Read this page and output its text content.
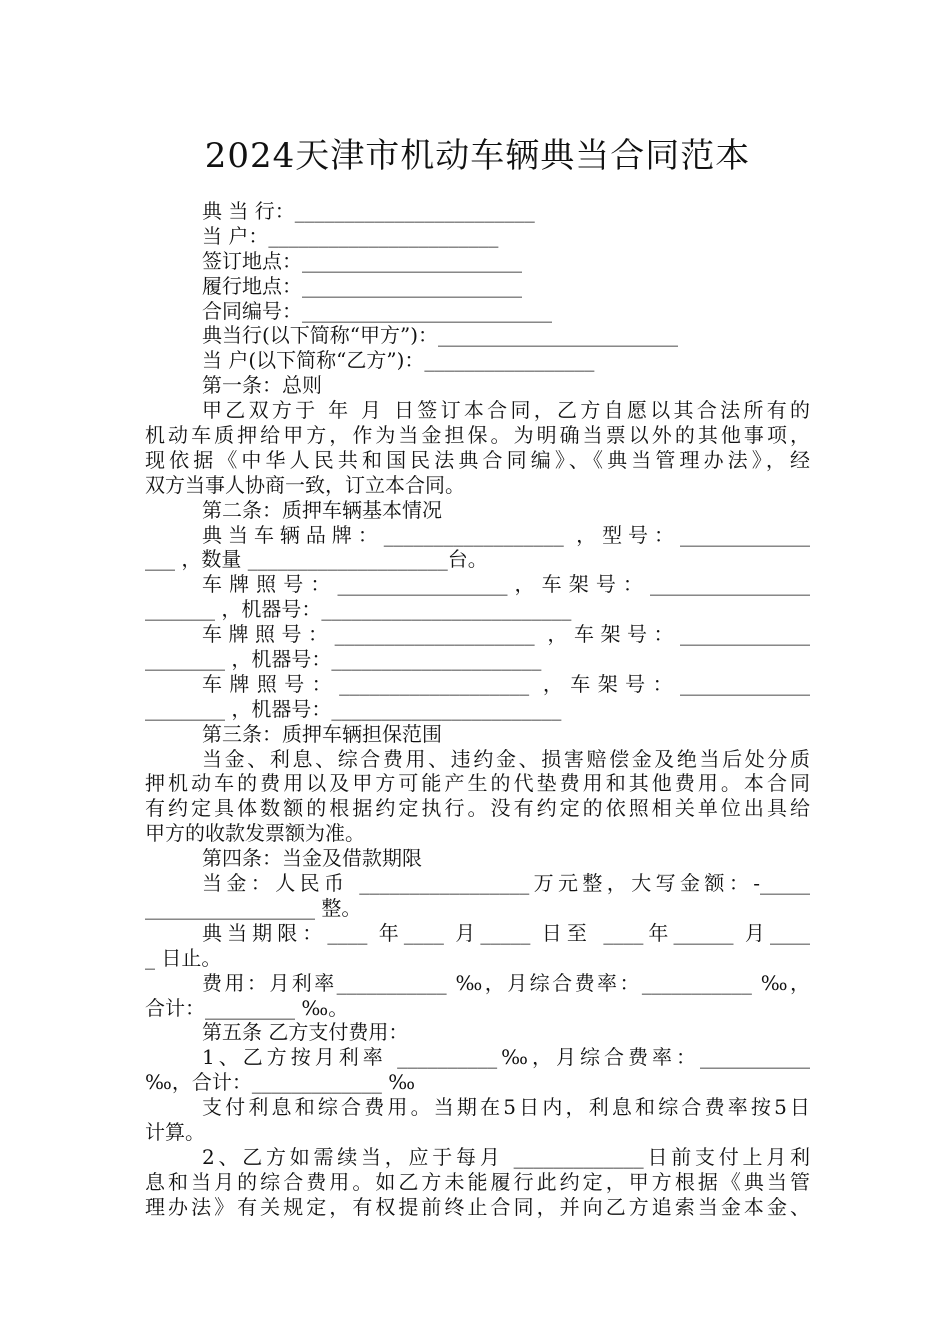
2024天津市机动车辆典当合同范本
典 当 行：________________________
当 户：_______________________
签订地点：______________________
履行地点：______________________
合同编号：_________________________
典当行(以下简称“甲方”)：________________________
当 户(以下简称“乙方”)：_________________
第一条：总则
甲乙双方于 年 月 日签订本合同，乙方自愿以其合法所有的
机动车质押给甲方，作为当金担保。为明确当票以外的其他事项，
现依据《中华人民共和国民法典合同编》、《典当管理办法》，经
双方当事人协商一致，订立本合同。
第二条：质押车辆基本情况
典当车辆品牌：__________________ ，型号：_____________
___ ，数量 ____________________台。
车牌照号：_________________，车架号：________________
_______ ，机器号：_________________________
车牌照号：____________________ ，车架号：_____________
________ ，机器号：_____________________
车牌照号：___________________ ，车架号：_____________
________ ，机器号：_______________________
第三条：质押车辆担保范围
当金、利息、综合费用、违约金、损害赔偿金及绝当后处分质
押机动车的费用以及甲方可能产生的代垫费用和其他费用。本合同
有约定具体数额的根据约定执行。没有约定的依照相关单位出具给
甲方的收款发票额为准。
第四条：当金及借款期限
当金：人民币 _________________万元整，大写金额：-_____
_________________ 整。
典当期限：____ 年____ 月_____ 日至 ____年______ 月____
_ 日止。
费用：月利率___________ ‰，月综合费率：___________ ‰，
合计：_________ ‰。
第五条 乙方支付费用：
1、乙方按月利率 __________‰，月综合费率：___________
‰，合计：_____________ ‰
支付利息和综合费用。当期在5日内，利息和综合费率按5日
计算。
2、乙方如需续当，应于每月 _____________日前支付上月利
息和当月的综合费用。如乙方未能履行此约定，甲方根据《典当管
理办法》有关规定，有权提前终止合同，并向乙方追索当金本金、
